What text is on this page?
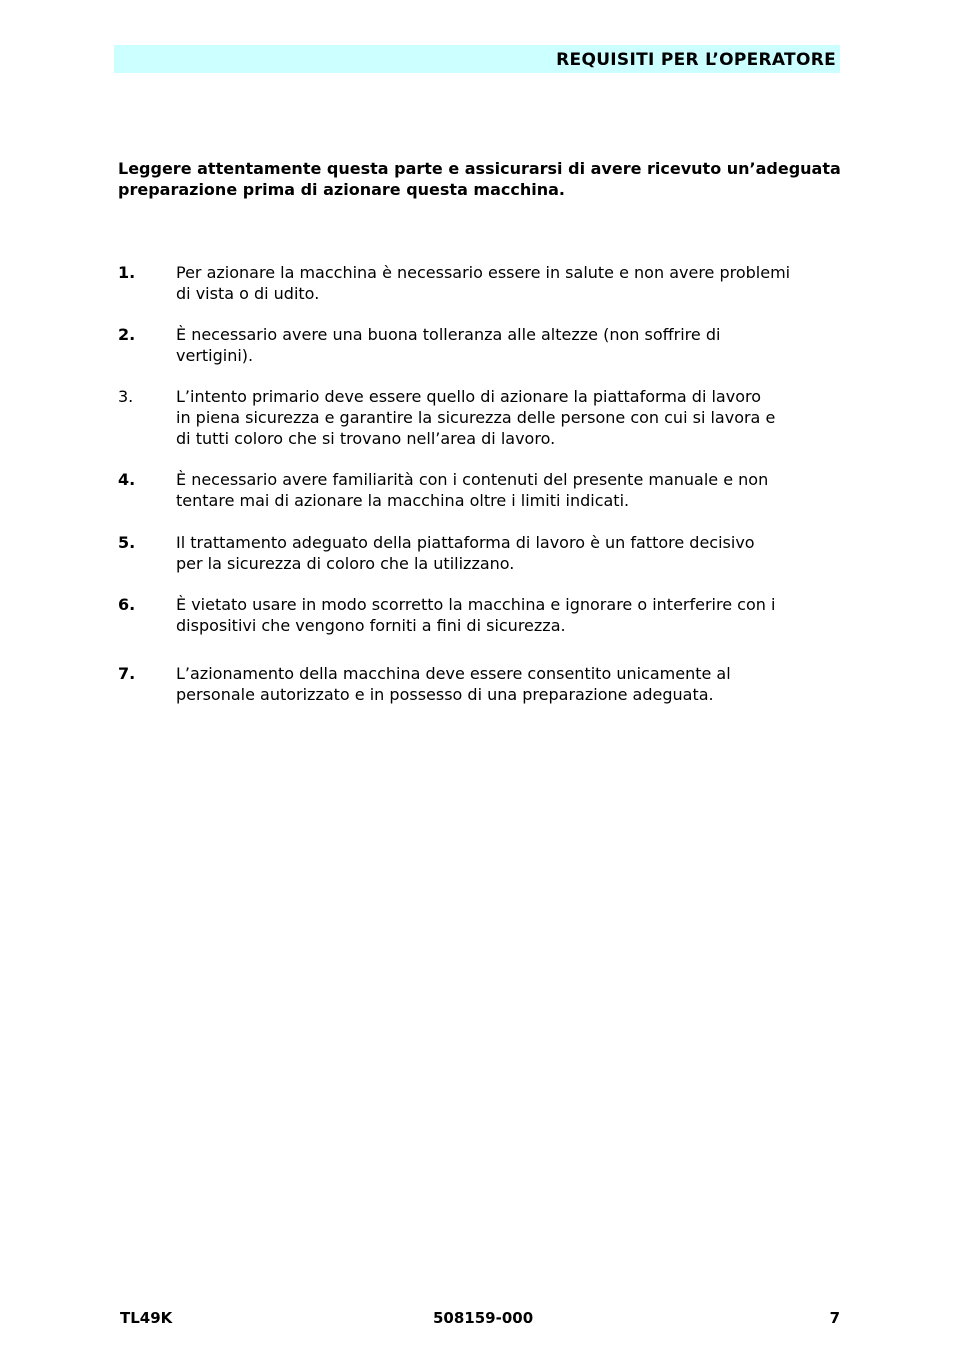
REQUISITI PER L’OPERATORE
Leggere attentamente questa parte e assicurarsi di avere ricevuto un’adeguata preparazione prima di azionare questa macchina.
1.	Per azionare la macchina è necessario essere in salute e non avere problemi
di vista o di udito.
2.	È necessario avere una buona tolleranza alle altezze (non soffrire di
vertigini).
3.	L’intento primario deve essere quello di azionare la piattaforma di lavoro
in piena sicurezza e garantire la sicurezza delle persone con cui si lavora e
di tutti coloro che si trovano nell’area di lavoro.
4.	È necessario avere familiarità con i contenuti del presente manuale e non
tentare mai di azionare la macchina oltre i limiti indicati.
5.	Il trattamento adeguato della piattaforma di lavoro è un fattore decisivo
per la sicurezza di coloro che la utilizzano.
6.	È vietato usare in modo scorretto la macchina e ignorare o interferire con i
dispositivi che vengono forniti a fini di sicurezza.
7.	L’azionamento della macchina deve essere consentito unicamente al
personale autorizzato e in possesso di una preparazione adeguata.
TL49K	508159-000	7
